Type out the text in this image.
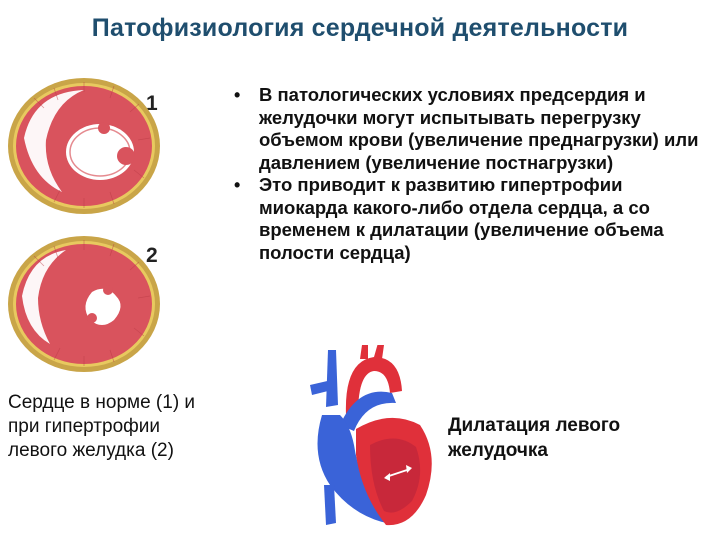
Патофизиология сердечной деятельности
1
2
Сердце в норме (1) и при гипертрофии левого желудка (2)
• В патологических условиях предсердия и желудочки могут испытывать перегрузку объемом крови (увеличение преднагрузки) или давлением (увеличение постнагрузки)
• Это приводит к развитию гипертрофии миокарда какого-либо отдела сердца, а со временем к дилатации (увеличение объема полости сердца)
Дилатация левого желудочка
